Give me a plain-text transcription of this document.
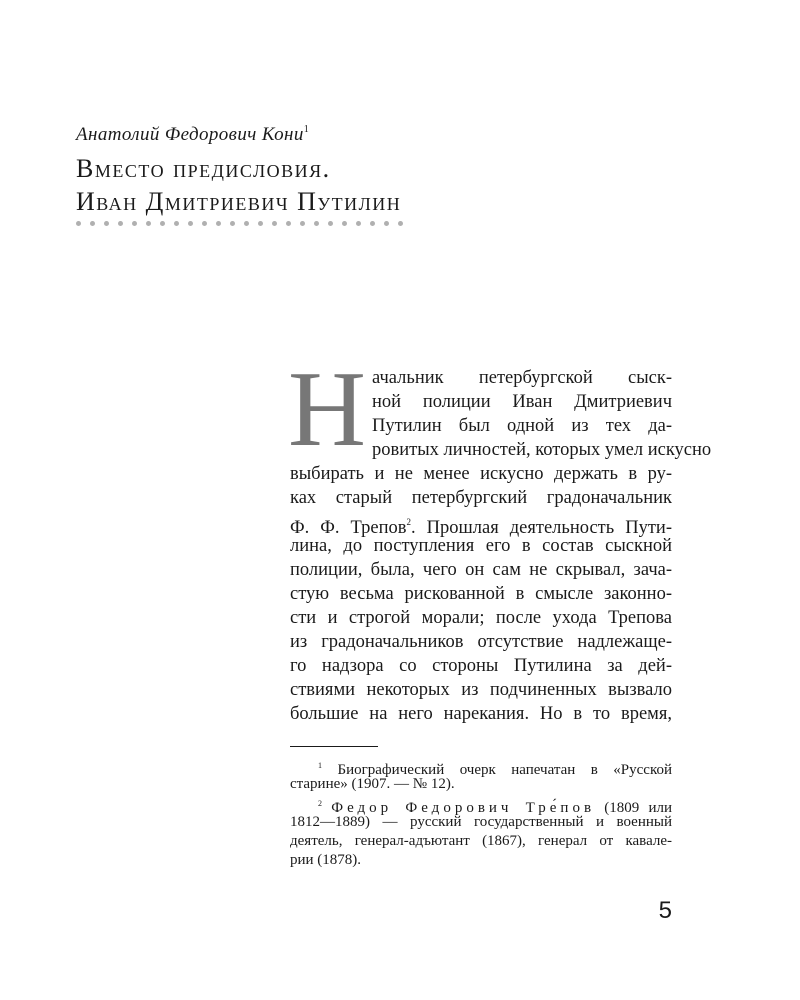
Анатолий Федорович Кони$^1$
Вместо предисловия.
Иван Дмитриевич Путилин
Н ачальник петербургской сыск-
ной полиции Иван Дмитриевич
Путилин был одной из тех да-
ровитых личностей, которых умел искусно
выбирать и не менее искусно держать в ру-
ках старый петербургский градоначальник
Ф. Ф. Трепов$^2$. Прошлая деятельность Пути-
лина, до поступления его в состав сыскной
полиции, была, чего он сам не скрывал, зача-
стую весьма рискованной в смысле законно-
сти и строгой морали; после ухода Трепова
из градоначальников отсутствие надлежаще-
го надзора со стороны Путилина за дей-
ствиями некоторых из подчиненных вызвало
большие на него нарекания. Но в то время,
$^1$ Биографический очерк напечатан в «Русской
старине» (1907. — № 12).
$^2$ Федор Федорович Тре́пов (1809 или
1812—1889) — русский государственный и военный
деятель, генерал-адъютант (1867), генерал от кавале-
рии (1878).
5
